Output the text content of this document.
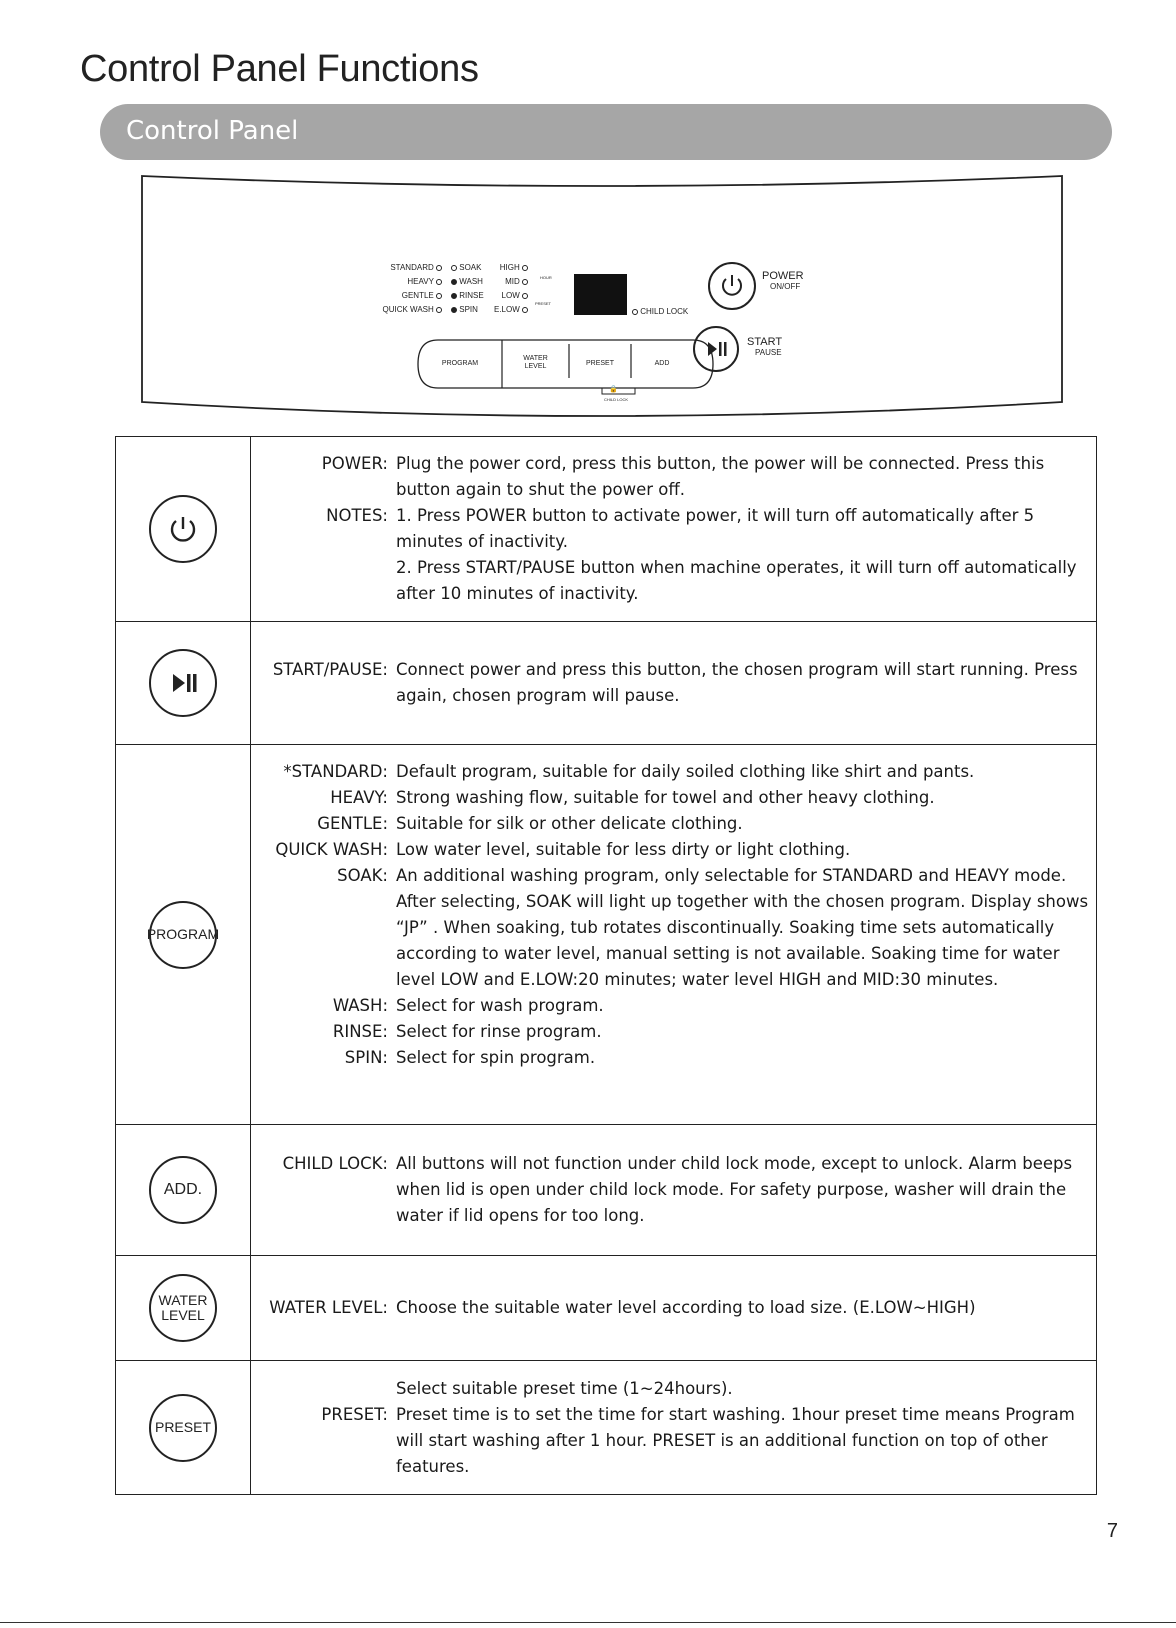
Control Panel Functions
Control Panel
STANDARD
HEAVY
GENTLE
QUICK WASH
SOAK
WASH
RINSE
SPIN
HIGH
MID
LOW
E.LOW
HOUR
PRESET
CHILD LOCK
POWER
ON/OFF
START
PAUSE
PROGRAM
WATER
LEVEL	PRESET	ADD
🔒
CHILD LOCK
POWER: Plug the power cord, press this button, the power will be connected. Press this button again to shut the power off.
NOTES: 1. Press POWER button to activate power, it will turn off automatically after 5 minutes of inactivity.
2. Press START/PAUSE button when machine operates, it will turn off automatically after 10 minutes of inactivity.
START/PAUSE: Connect power and press this button, the chosen program will start running. Press again, chosen program will pause.
PROGRAM
*STANDARD: Default program, suitable for daily soiled clothing like shirt and pants.
HEAVY: Strong washing flow, suitable for towel and other heavy clothing.
GENTLE: Suitable for silk or other delicate clothing.
QUICK WASH: Low water level, suitable for less dirty or light clothing.
SOAK: An additional washing program, only selectable for STANDARD and HEAVY mode. After selecting, SOAK will light up together with the chosen program. Display shows “JP” . When soaking, tub rotates discontinually. Soaking time sets automatically according to water level, manual setting is not available. Soaking time for water level LOW and E.LOW:20 minutes; water level HIGH and MID:30 minutes.
WASH: Select for wash program.
RINSE: Select for rinse program.
SPIN: Select for spin program.
ADD.
CHILD LOCK: All buttons will not function under child lock mode, except to unlock. Alarm beeps when lid is open under child lock mode. For safety purpose, washer will drain the water if lid opens for too long.
WATER
LEVEL	WATER LEVEL: Choose the suitable water level according to load size. (E.LOW~HIGH)
PRESET
Select suitable preset time (1~24hours).
PRESET: Preset time is to set the time for start washing. 1hour preset time means Program will start washing after 1 hour. PRESET is an additional function on top of other features.
7
